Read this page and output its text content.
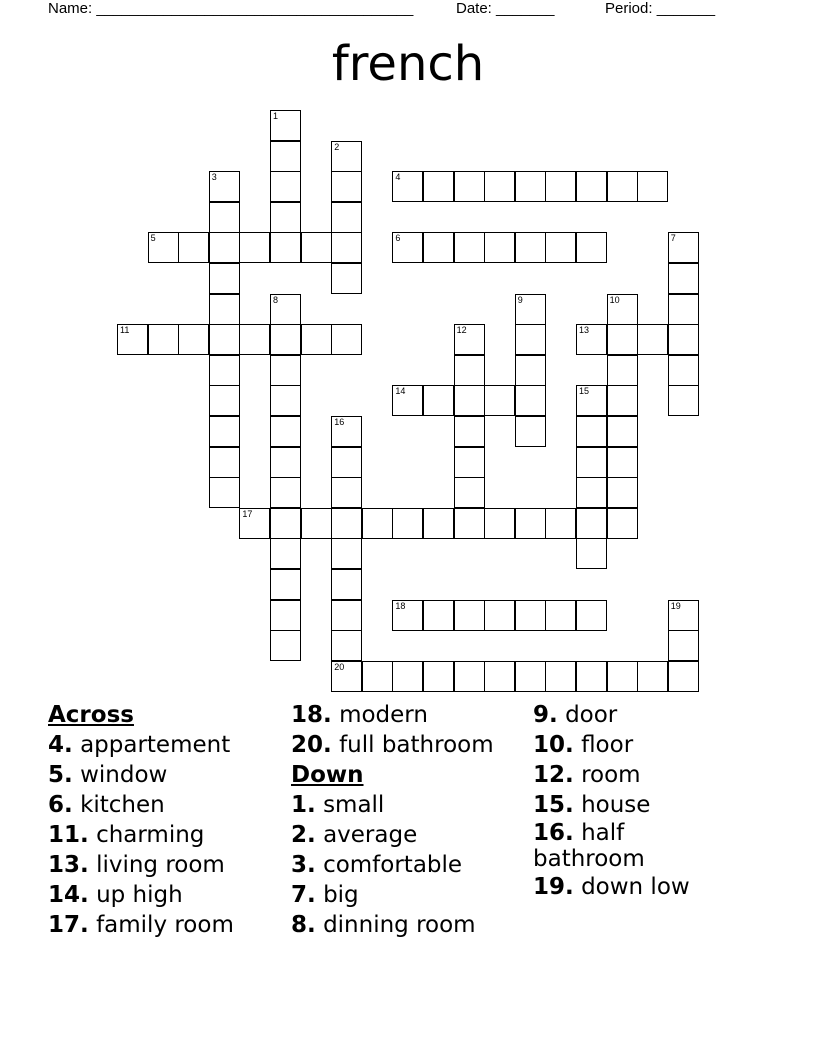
Name: ______________________________________

	Date: _______

	Period: _______

french
1
2
3	4
5	6	7
8	9	10
11	12	13
14	15
16
17
18	19
20
Across
4. appartement
5. window
6. kitchen
11. charming
13. living room
14. up high
17. family room
18. modern
20. full bathroom
Down
1. small
2. average
3. comfortable
7. big
8. dinning room
9. door
10. floor
12. room
15. house
16. half bathroom
19. down low
